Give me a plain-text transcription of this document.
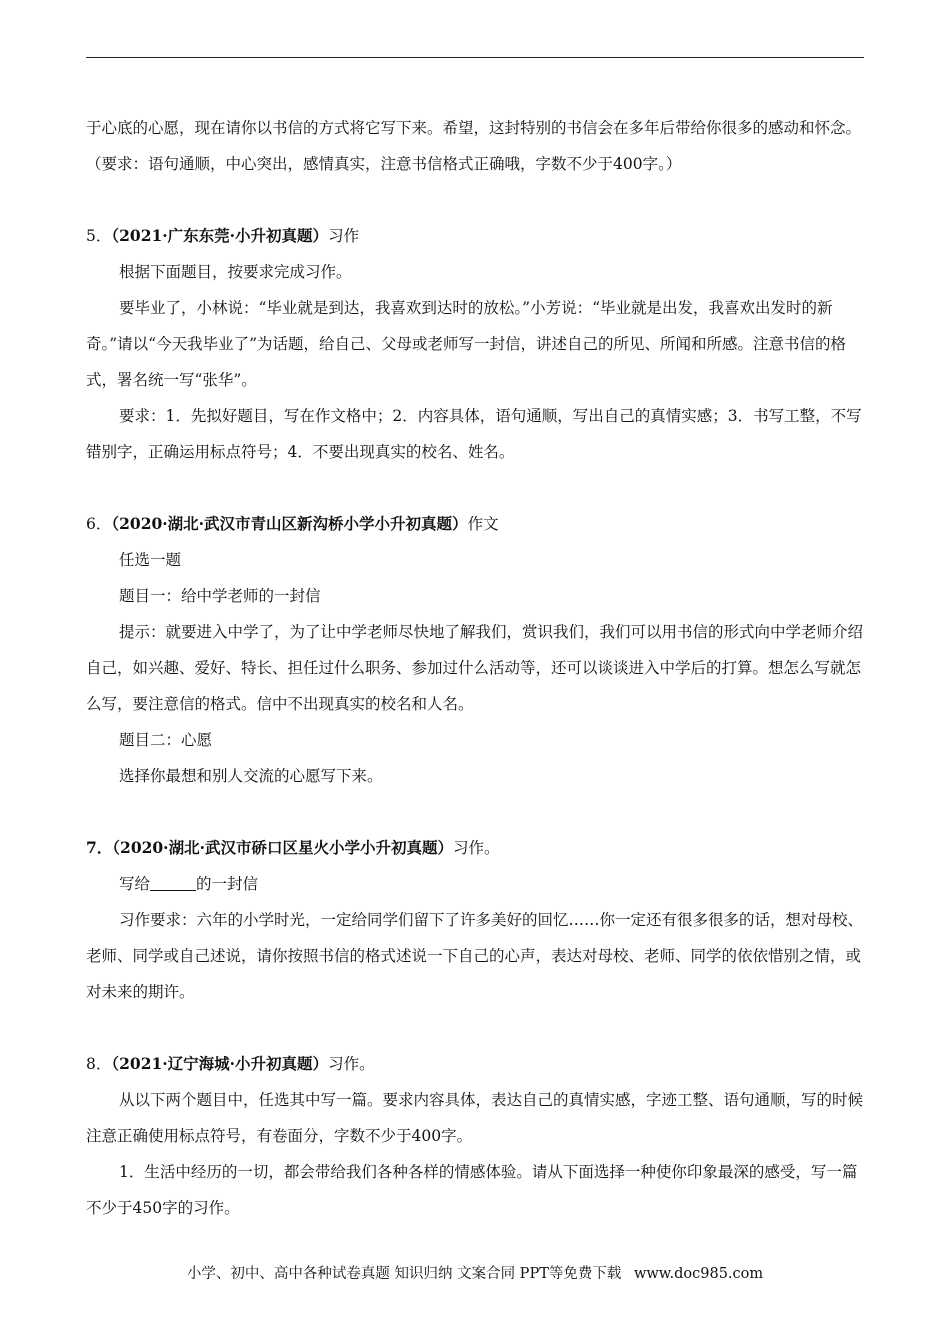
于心底的心愿，现在请你以书信的方式将它写下来。希望，这封特别的书信会在多年后带给你很多的感动和怀念。（要求：语句通顺，中心突出，感情真实，注意书信格式正确哦，字数不少于400字。）

5．（2021·广东东莞·小升初真题）习作

根据下面题目，按要求完成习作。

要毕业了，小林说：“毕业就是到达，我喜欢到达时的放松。”小芳说：“毕业就是出发，我喜欢出发时的新奇。”请以“今天我毕业了”为话题，给自己、父母或老师写一封信，讲述自己的所见、所闻和所感。注意书信的格式，署名统一写“张华”。

要求：1．先拟好题目，写在作文格中；2．内容具体，语句通顺，写出自己的真情实感；3．书写工整，不写错别字，正确运用标点符号；4．不要出现真实的校名、姓名。

6．（2020·湖北·武汉市青山区新沟桥小学小升初真题）作文

任选一题

题目一：给中学老师的一封信

提示：就要进入中学了，为了让中学老师尽快地了解我们，赏识我们，我们可以用书信的形式向中学老师介绍自己，如兴趣、爱好、特长、担任过什么职务、参加过什么活动等，还可以谈谈进入中学后的打算。想怎么写就怎么写，要注意信的格式。信中不出现真实的校名和人名。

题目二：心愿

选择你最想和别人交流的心愿写下来。

7．（2020·湖北·武汉市硚口区星火小学小升初真题）习作。

写给	的一封信

习作要求：六年的小学时光，一定给同学们留下了许多美好的回忆……你一定还有很多很多的话，想对母校、老师、同学或自己述说，请你按照书信的格式述说一下自己的心声，表达对母校、老师、同学的依依惜别之情，或对未来的期许。

8．（2021·辽宁海城·小升初真题）习作。

从以下两个题目中，任选其中写一篇。要求内容具体，表达自己的真情实感，字迹工整、语句通顺，写的时候注意正确使用标点符号，有卷面分，字数不少于400字。

1．生活中经历的一切，都会带给我们各种各样的情感体验。请从下面选择一种使你印象最深的感受，写一篇不少于450字的习作。

小学、初中、高中各种试卷真题 知识归纳 文案合同 PPT等免费下载 www.doc985.com
